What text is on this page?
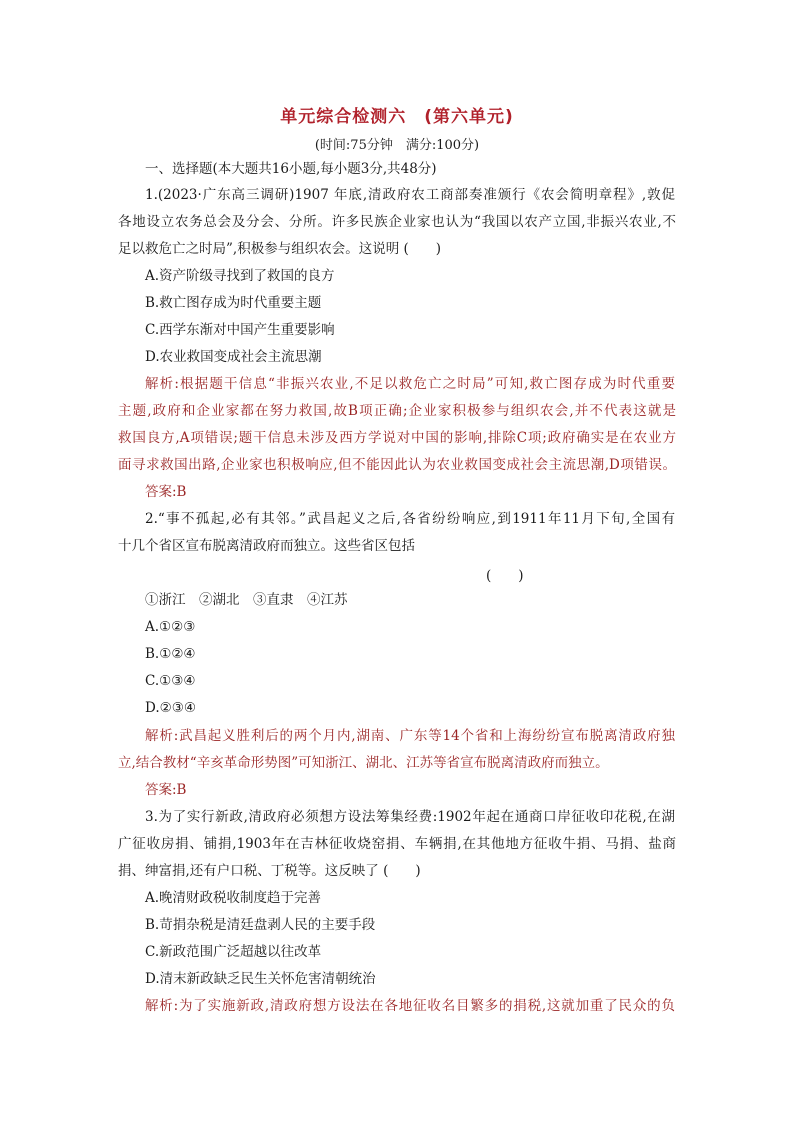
单元综合检测六　(第六单元)
(时间:75分钟　满分:100分)
一、选择题(本大题共16小题,每小题3分,共48分)
1.(2023·广东高三调研)1907 年底,清政府农工商部奏准颁行《农会简明章程》,敦促
各地设立农务总会及分会、分所。许多民族企业家也认为“我国以农产立国,非振兴农业,不
足以救危亡之时局”,积极参与组织农会。这说明 (　　)
A.资产阶级寻找到了救国的良方
B.救亡图存成为时代重要主题
C.西学东渐对中国产生重要影响
D.农业救国变成社会主流思潮
解析:根据题干信息“非振兴农业,不足以救危亡之时局”可知,救亡图存成为时代重要
主题,政府和企业家都在努力救国,故B项正确;企业家积极参与组织农会,并不代表这就是
救国良方,A项错误;题干信息未涉及西方学说对中国的影响,排除C项;政府确实是在农业方
面寻求救国出路,企业家也积极响应,但不能因此认为农业救国变成社会主流思潮,D项错误。
答案:B
2.“事不孤起,必有其邻。”武昌起义之后,各省纷纷响应,到1911年11月下旬,全国有
十几个省区宣布脱离清政府而独立。这些省区包括
(　　)
①浙江　②湖北　③直隶　④江苏
A.①②③
B.①②④
C.①③④
D.②③④
解析:武昌起义胜利后的两个月内,湖南、广东等14个省和上海纷纷宣布脱离清政府独
立,结合教材“辛亥革命形势图”可知浙江、湖北、江苏等省宣布脱离清政府而独立。
答案:B
3.为了实行新政,清政府必须想方设法筹集经费:1902年起在通商口岸征收印花税,在湖
广征收房捐、铺捐,1903年在吉林征收烧窑捐、车辆捐,在其他地方征收牛捐、马捐、盐商
捐、绅富捐,还有户口税、丁税等。这反映了 (　　)
A.晚清财政税收制度趋于完善
B.苛捐杂税是清廷盘剥人民的主要手段
C.新政范围广泛超越以往改革
D.清末新政缺乏民生关怀危害清朝统治
解析:为了实施新政,清政府想方设法在各地征收名目繁多的捐税,这就加重了民众的负
